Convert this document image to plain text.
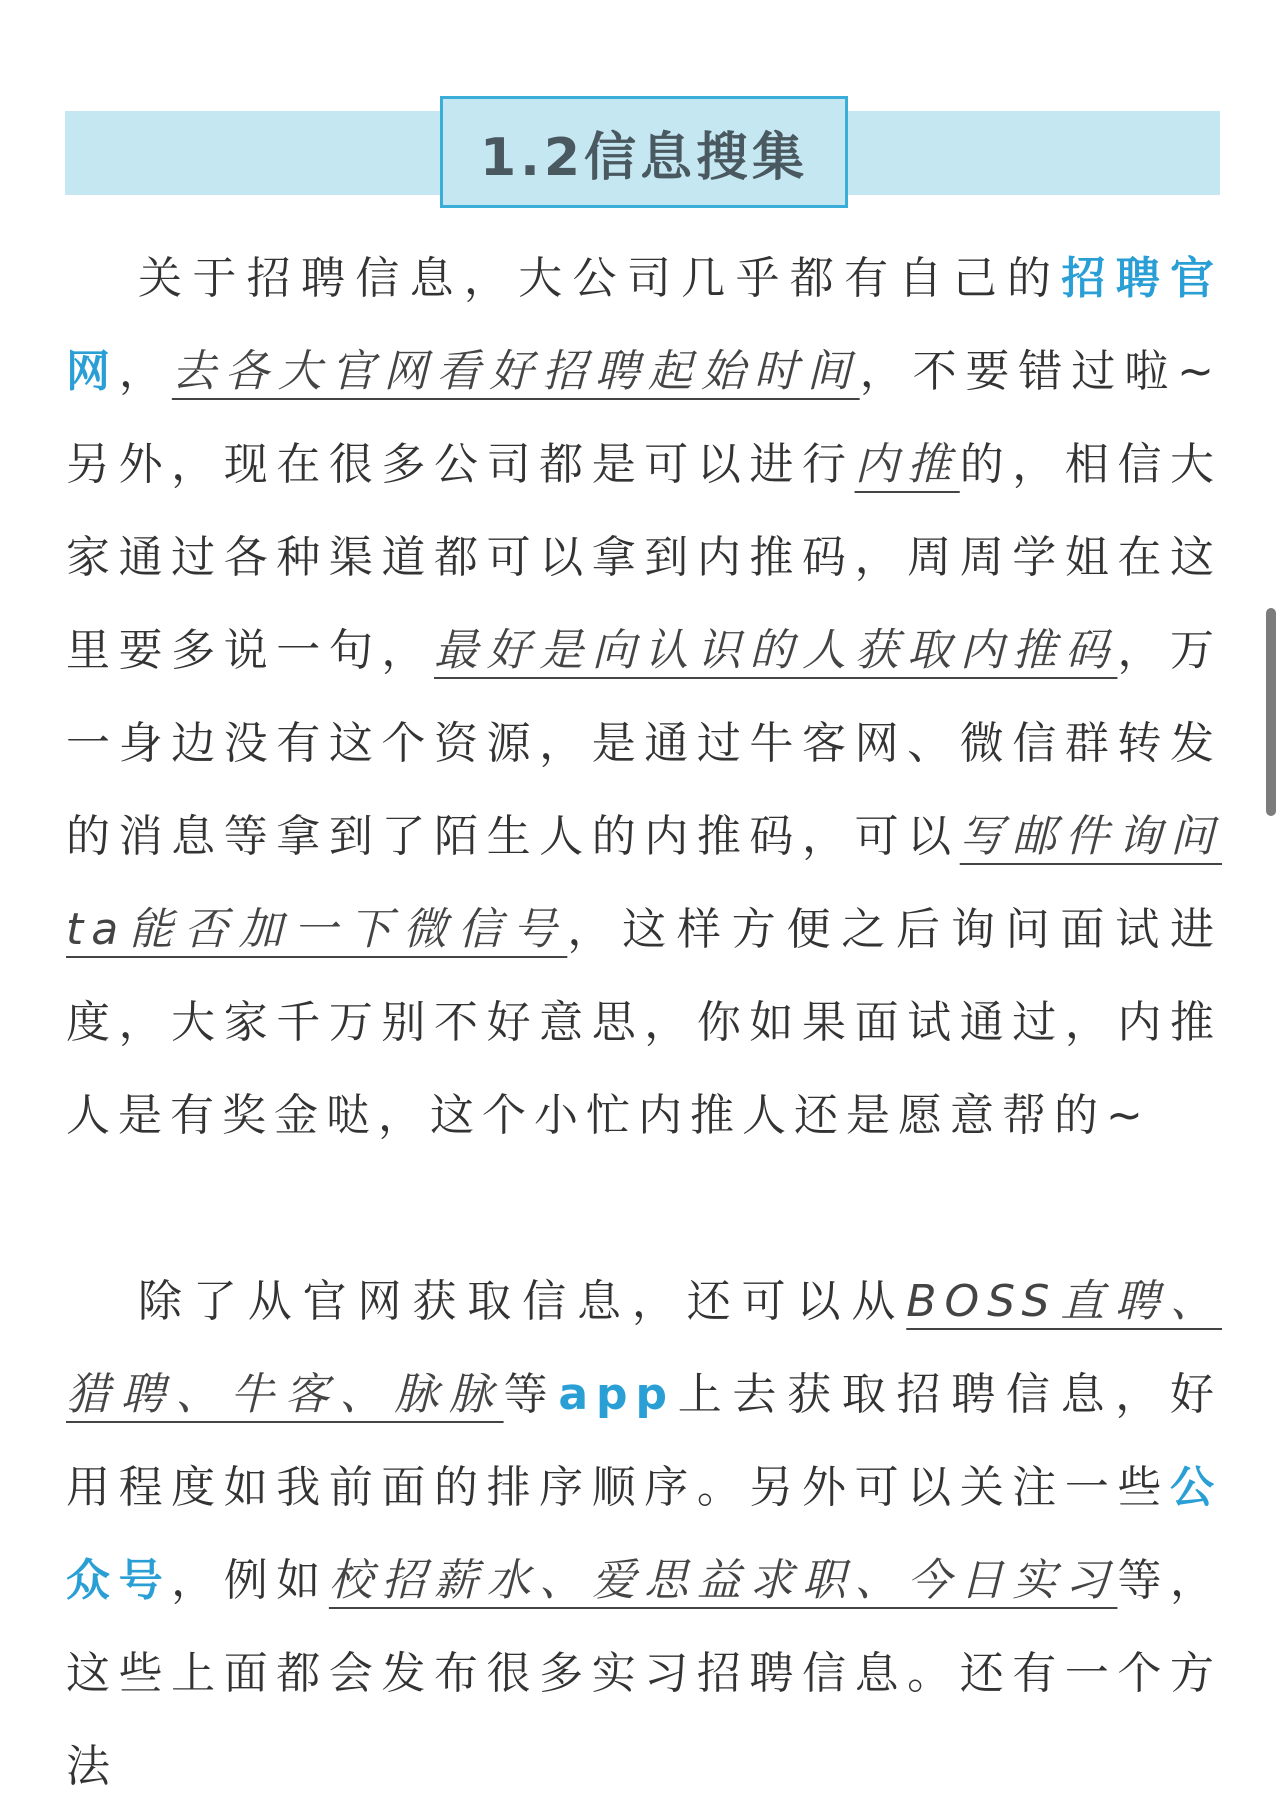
1.2信息搜集

关于招聘信息，大公司几乎都有自己的招聘官网，去各大官网看好招聘起始时间，不要错过啦~另外，现在很多公司都是可以进行内推的，相信大家通过各种渠道都可以拿到内推码，周周学姐在这里要多说一句，最好是向认识的人获取内推码，万一身边没有这个资源，是通过牛客网、微信群转发的消息等拿到了陌生人的内推码，可以写邮件询问ta能否加一下微信号，这样方便之后询问面试进度，大家千万别不好意思，你如果面试通过，内推人是有奖金哒，这个小忙内推人还是愿意帮的~

除了从官网获取信息，还可以从BOSS直聘、猎聘、牛客、脉脉等app上去获取招聘信息，好用程度如我前面的排序顺序。另外可以关注一些公众号，例如校招薪水、爱思益求职、今日实习等，这些上面都会发布很多实习招聘信息。还有一个方法
